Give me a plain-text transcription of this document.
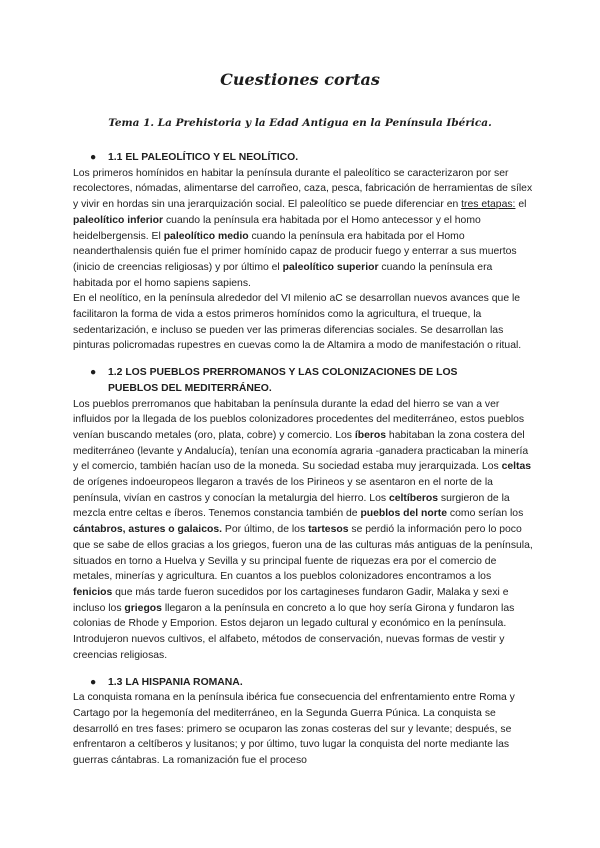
Cuestiones cortas
Tema 1. La Prehistoria y la Edad Antigua en la Península Ibérica.
●	1.1 EL PALEOLÍTICO Y EL NEOLÍTICO.

Los primeros homínidos en habitar la península durante el paleolítico se caracterizaron por ser recolectores, nómadas, alimentarse del carroñeo, caza, pesca, fabricación de herramientas de sílex y vivir en hordas sin una jerarquización social. El paleolítico se puede diferenciar en tres etapas: el paleolítico inferior cuando la península era habitada por el Homo antecessor y el homo heidelbergensis. El paleolítico medio cuando la península era habitada por el Homo neanderthalensis quién fue el primer homínido capaz de producir fuego y enterrar a sus muertos (inicio de creencias religiosas) y por último el paleolítico superior cuando la península era habitada por el homo sapiens sapiens.

En el neolítico, en la península alrededor del VI milenio aC se desarrollan nuevos avances que le facilitaron la forma de vida a estos primeros homínidos como la agricultura, el trueque, la sedentarización, e incluso se pueden ver las primeras diferencias sociales. Se desarrollan las pinturas policromadas rupestres en cuevas como la de Altamira a modo de manifestación o ritual.

●	1.2 LOS PUEBLOS PRERROMANOS Y LAS COLONIZACIONES DE LOS
PUEBLOS DEL MEDITERRÁNEO.

Los pueblos prerromanos que habitaban la península durante la edad del hierro se van a ver influidos por la llegada de los pueblos colonizadores procedentes del mediterráneo, estos pueblos venían buscando metales (oro, plata, cobre) y comercio. Los íberos habitaban la zona costera del mediterráneo (levante y Andalucía), tenían una economía agraria -ganadera practicaban la minería y el comercio, también hacían uso de la moneda. Su sociedad estaba muy jerarquizada. Los celtas de orígenes indoeuropeos llegaron a través de los Pirineos y se asentaron en el norte de la península, vivían en castros y conocían la metalurgia del hierro. Los celtíberos surgieron de la mezcla entre celtas e íberos. Tenemos constancia también de pueblos del norte como serían los cántabros, astures o galaicos. Por último, de los tartesos se perdió la información pero lo poco que se sabe de ellos gracias a los griegos, fueron una de las culturas más antiguas de la península, situados en torno a Huelva y Sevilla y su principal fuente de riquezas era por el comercio de metales, minerías y agricultura. En cuantos a los pueblos colonizadores encontramos a los fenicios que más tarde fueron sucedidos por los cartagineses fundaron Gadir, Malaka y sexi e incluso los griegos llegaron a la península en concreto a lo que hoy sería Girona y fundaron las colonias de Rhode y Emporion. Estos dejaron un legado cultural y económico en la península. Introdujeron nuevos cultivos, el alfabeto, métodos de conservación, nuevas formas de vestir y creencias religiosas.

●	1.3 LA HISPANIA ROMANA.

La conquista romana en la península ibérica fue consecuencia del enfrentamiento entre Roma y Cartago por la hegemonía del mediterráneo, en la Segunda Guerra Púnica. La conquista se desarrolló en tres fases: primero se ocuparon las zonas costeras del sur y levante; después, se enfrentaron a celtíberos y lusitanos; y por último, tuvo lugar la conquista del norte mediante las guerras cántabras. La romanización fue el proceso
